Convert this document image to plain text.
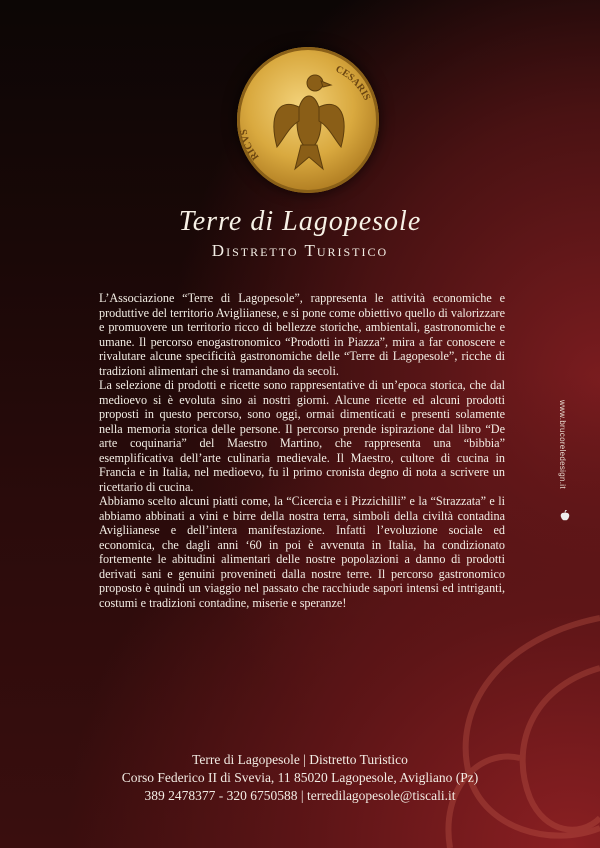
RICVS
CESARIS
Terre di Lagopesole
Distretto Turistico

L’Associazione “Terre di Lagopesole”, rappresenta le attività economiche e produttive del territorio Avigliianese, e si pone come obiettivo quello di valorizzare e promuovere un territorio ricco di bellezze storiche, ambientali, gastronomiche e umane. Il percorso enogastronomico “Prodotti in Piazza”, mira a far conoscere e rivalutare alcune specificità gastronomiche delle “Terre di Lagopesole”, ricche di tradizioni alimentari che si tramandano da secoli.

La selezione di prodotti e ricette sono rappresentative di un’epoca storica, che dal medioevo si è evoluta sino ai nostri giorni. Alcune ricette ed alcuni prodotti proposti in questo percorso, sono oggi, ormai dimenticati e presenti solamente nella memoria storica delle persone. Il percorso prende ispirazione dal libro “De arte coquinaria” del Maestro Martino, che rappresenta una “bibbia” esemplificativa dell’arte culinaria medievale. Il Maestro, cultore di cucina in Francia e in Italia, nel medioevo, fu il primo cronista degno di nota a scrivere un ricettario di cucina.

Abbiamo scelto alcuni piatti come, la “Cicercia e i Pizzichilli” e la “Strazzata” e li abbiamo abbinati a vini e birre della nostra terra, simboli della civiltà contadina Avigliianese e dell’intera manifestazione. Infatti l’evoluzione sociale ed economica, che dagli anni ‘60 in poi è avvenuta in Italia, ha condizionato fortemente le abitudini alimentari delle nostre popolazioni a danno di prodotti derivati sani e genuini provenineti dalla nostre terre. Il percorso gastronomico proposto è quindi un viaggio nel passato che racchiude sapori intensi ed intriganti, costumi e tradizioni contadine, miserie e speranze!

www.brucoreledesign.it
Terre di Lagopesole | Distretto Turistico
Corso Federico II di Svevia, 11 85020 Lagopesole, Avigliano (Pz)
389 2478377 - 320 6750588 | terredilagopesole@tiscali.it
